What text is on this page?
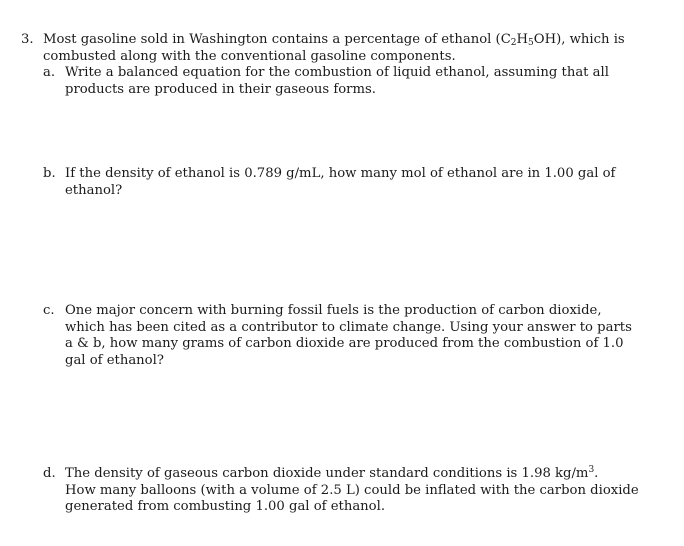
3. Most gasoline sold in Washington contains a percentage of ethanol $(C_2H_5OH)$, which is
combusted along with the conventional gasoline components.
a. Write a balanced equation for the combustion of liquid ethanol, assuming that all
products are produced in their gaseous forms.
b. If the density of ethanol is 0.789 g/mL, how many mol of ethanol are in 1.00 gal of
ethanol?
c. One major concern with burning fossil fuels is the production of carbon dioxide,
which has been cited as a contributor to climate change. Using your answer to parts
a & b, how many grams of carbon dioxide are produced from the combustion of 1.0
gal of ethanol?
d. The density of gaseous carbon dioxide under standard conditions is 1.98 $kg/m^3$.
How many balloons (with a volume of 2.5 L) could be inflated with the carbon dioxide
generated from combusting 1.00 gal of ethanol.
